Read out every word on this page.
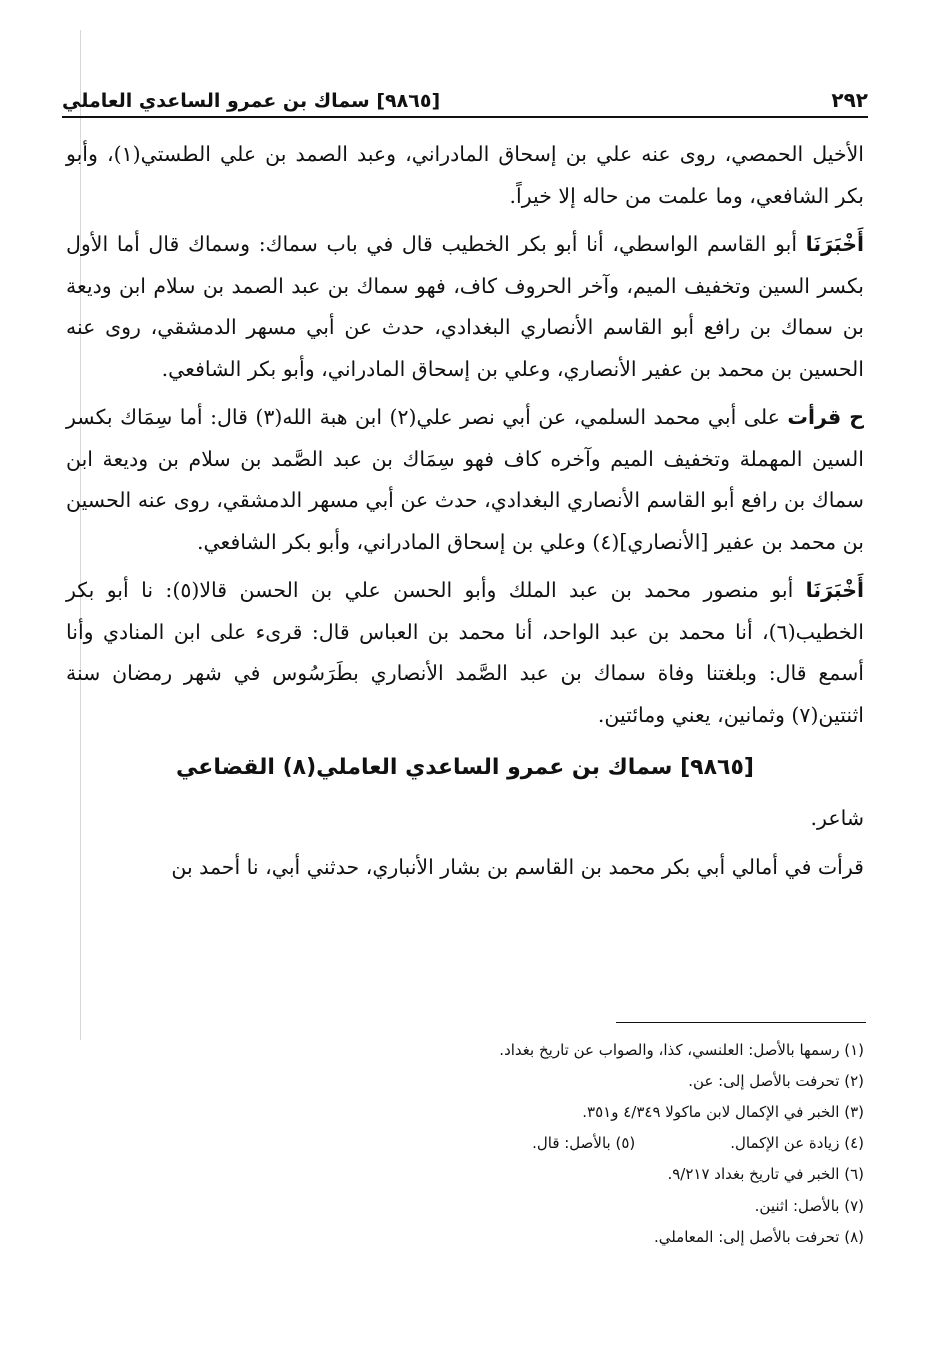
٢٩٢
[٩٨٦٥] سماك بن عمرو الساعدي العاملي

الأخيل الحمصي، روى عنه علي بن إسحاق المادراني، وعبد الصمد بن علي الطستي(١)، وأبو بكر الشافعي، وما علمت من حاله إلا خيراً.

أَخْبَرَنَا أبو القاسم الواسطي، أنا أبو بكر الخطيب قال في باب سماك: وسماك قال أما الأول بكسر السين وتخفيف الميم، وآخر الحروف كاف، فهو سماك بن عبد الصمد بن سلام ابن وديعة بن سماك بن رافع أبو القاسم الأنصاري البغدادي، حدث عن أبي مسهر الدمشقي، روى عنه الحسين بن محمد بن عفير الأنصاري، وعلي بن إسحاق المادراني، وأبو بكر الشافعي.

ح قرأت على أبي محمد السلمي، عن أبي نصر علي(٢) ابن هبة الله(٣) قال: أما سِمَاك بكسر السين المهملة وتخفيف الميم وآخره كاف فهو سِمَاك بن عبد الصَّمد بن سلام بن وديعة ابن سماك بن رافع أبو القاسم الأنصاري البغدادي، حدث عن أبي مسهر الدمشقي، روى عنه الحسين بن محمد بن عفير [الأنصاري](٤) وعلي بن إسحاق المادراني، وأبو بكر الشافعي.

أَخْبَرَنَا أبو منصور محمد بن عبد الملك وأبو الحسن علي بن الحسن قالا(٥): نا أبو بكر الخطيب(٦)، أنا محمد بن عبد الواحد، أنا محمد بن العباس قال: قرىء على ابن المنادي وأنا أسمع قال: وبلغتنا وفاة سماك بن عبد الصَّمد الأنصاري بطَرَسُوس في شهر رمضان سنة اثنتين(٧) وثمانين، يعني ومائتين.

[٩٨٦٥] سماك بن عمرو الساعدي العاملي(٨) القضاعي

شاعر.

قرأت في أمالي أبي بكر محمد بن القاسم بن بشار الأنباري، حدثني أبي، نا أحمد بن

(١) رسمها بالأصل: العلنسي، كذا، والصواب عن تاريخ بغداد.
(٢) تحرفت بالأصل إلى: عن.
(٣) الخبر في الإكمال لابن ماكولا ٤/٣٤٩ و٣٥١.
(٤) زيادة عن الإكمال.
(٥) بالأصل: قال.
(٦) الخبر في تاريخ بغداد ٩/٢١٧.
(٧) بالأصل: اثنين.
(٨) تحرفت بالأصل إلى: المعاملي.
